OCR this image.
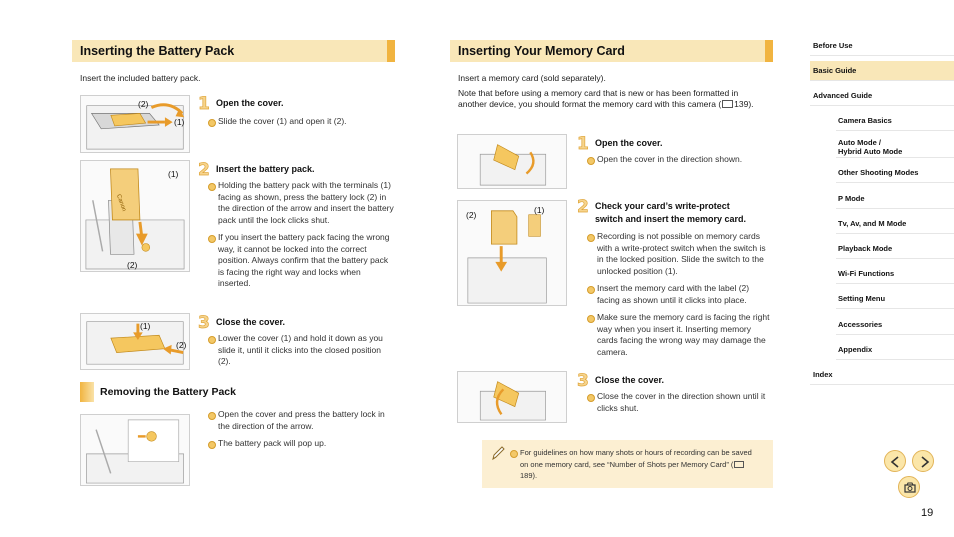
Inserting the Battery Pack
Insert the included battery pack.
(2)
(1)
(1)
(2)
Canon
(1)
(2)
1 Open the cover.
Slide the cover (1) and open it (2).
2 Insert the battery pack.
Holding the battery pack with the terminals (1) facing as shown, press the battery lock (2) in the direction of the arrow and insert the battery pack until the lock clicks shut.
If you insert the battery pack facing the wrong way, it cannot be locked into the correct position. Always confirm that the battery pack is facing the right way and locks when inserted.
3 Close the cover.
Lower the cover (1) and hold it down as you slide it, until it clicks into the closed position (2).
Removing the Battery Pack
Open the cover and press the battery lock in the direction of the arrow.
The battery pack will pop up.
Inserting Your Memory Card
Insert a memory card (sold separately).
Note that before using a memory card that is new or has been formatted in another device, you should format the memory card with this camera ( 139).
(2)	(1)
1 Open the cover.
Open the cover in the direction shown.
2 Check your card’s write-protect
switch and insert the memory card.
Recording is not possible on memory cards with a write-protect switch when the switch is in the locked position. Slide the switch to the unlocked position (1).
Insert the memory card with the label (2) facing as shown until it clicks into place.
Make sure the memory card is facing the right way when you insert it. Inserting memory cards facing the wrong way may damage the camera.
3 Close the cover.
Close the cover in the direction shown until it clicks shut.
For guidelines on how many shots or hours of recording can be saved on one memory card, see “Number of Shots per Memory Card” (189).
Before Use
Basic Guide
Advanced Guide
Camera Basics
Auto Mode /
Hybrid Auto Mode
Other Shooting Modes
P Mode
Tv, Av, and M Mode
Playback Mode
Wi-Fi Functions
Setting Menu
Accessories
Appendix
Index
19
